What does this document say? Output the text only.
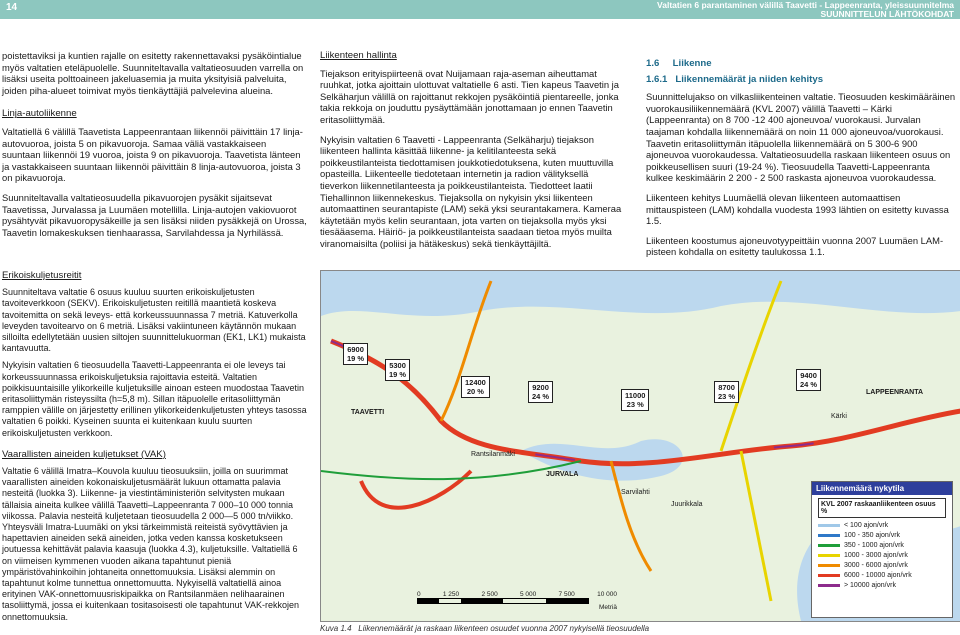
14	Valtatien 6 parantaminen välillä Taavetti - Lappeenranta, yleissuunnitelma
SUUNNITTELUN LÄHTÖKOHDAT

poistettaviksi ja kuntien rajalle on esitetty rakennettavaksi pysäköintialue myös valtatien eteläpuolelle. Suunniteltavalla valtatieosuuden varrella on lisäksi useita polttoaineen jakeluasemia ja muita yksityisiä palveluita, joiden piha-alueet toimivat myös tienkäyttäjiä palvelevina alueina.

Linja-autoliikenne

Valtatiellä 6 välillä Taavetista Lappeenrantaan liikennöi päivittäin 17 linja-autovuoroa, joista 5 on pikavuoroja. Samaa väliä vastakkaiseen suuntaan liikennöi 19 vuoroa, joista 9 on pikavuoroja. Taavetista länteen ja vastakkaiseen suuntaan liikennöi päivittäin 8 linja-autovuoroa, joista 3 on pikavuoroja.

Suunniteltavalla valtatieosuudella pikavuorojen pysäkit sijaitsevat Taavetissa, Jurvalassa ja Luumäen motellilla. Linja-autojen vakiovuorot pysähtyvät pikavuoropysäkeille ja sen lisäksi niiden pysäkkejä on Urossa, Taavetin lomakeskuksen tienhaarassa, Sarvilahdessa ja Nyrhilässä.

Liikenteen hallinta

Tiejakson erityispiirteenä ovat Nuijamaan raja-aseman aiheuttamat ruuhkat, jotka ajoittain ulottuvat valtatielle 6 asti. Tien kapeus Taavetin ja Selkäharjun välillä on rajoittanut rekkojen pysäköintiä pientareelle, jonka takia rekkoja on jouduttu pysäyttämään jonottamaan jo ennen Taavetin eritasoliittymää.

Nykyisin valtatien 6 Taavetti - Lappeenranta (Selkäharju) tiejakson liikenteen hallinta käsittää liikenne- ja kelitilanteesta sekä poikkeustilanteista tiedottamisen joukkotiedotuksena, kuten muuttuvilla opasteilla. Liikenteelle tiedotetaan internetin ja radion välityksellä tieverkon liikennetilanteesta ja poikkeustilanteista. Tiedotteet laatii Tiehallinnon liikennekeskus. Tiejaksolla on nykyisin yksi liikenteen automaattinen seurantapiste (LAM) sekä yksi seurantakamera. Kameraa käytetään myös kelin seurantaan, jota varten on tiejaksolla myös yksi tiesääasema. Häiriö- ja poikkeustilanteista saadaan tietoa myös muilta viranomaisilta (poliisi ja hätäkeskus) sekä tienkäyttäjiltä.

1.6 Liikenne
1.6.1 Liikennemäärät ja niiden kehitys

Suunnittelujakso on vilkasliikenteinen valtatie. Tieosuuden keskimääräinen vuorokausiliikennemäärä (KVL 2007) välillä Taavetti – Kärki (Lappeenranta) on 8 700 -12 400 ajoneuvoa/ vuorokausi. Jurvalan taajaman kohdalla liikennemäärä on noin 11 000 ajoneuvoa/vuorokausi. Taavetin eritasoliittymän itäpuolella liikennemäärä on 5 300-6 900 ajoneuvoa vuorokaudessa. Valtatieosuudella raskaan liikenteen osuus on poikkeusellisen suuri (19-24 %). Tieosuudella Taavetti-Lappeenranta kulkee keskimäärin 2 200 - 2 500 raskasta ajoneuvoa vuorokaudessa.

Liikenteen kehitys Luumäellä olevan liikenteen automaattisen mittauspisteen (LAM) kohdalla vuodesta 1993 lähtien on esitetty kuvassa 1.5.

Liikenteen koostumus ajoneuvotyypeittäin vuonna 2007 Luumäen LAM-pisteen kohdalla on esitetty taulukossa 1.1.

Erikoiskuljetusreitit

Suunniteltava valtatie 6 osuus kuuluu suurten erikoiskuljetusten tavoiteverkkoon (SEKV). Erikoiskuljetusten reitillä maantietä koskeva tavoitemitta on sekä leveys- että korkeussuunnassa 7 metriä. Katuverkolla leveyden tavoitearvo on 6 metriä. Lisäksi vakiintuneen käytännön mukaan silloilta edellytetään uusien siltojen suunnittelukuorman (EK1, LK1) mukaista kantavuutta.

Nykyisin valtatien 6 tieosuudella Taavetti-Lappeenranta ei ole leveys tai korkeussuunnassa erikoiskuljetuksia rajoittavia esteitä. Valtatien poikkisuuntaisille ylikorkeille kuljetuksille ainoan esteen muodostaa Taavetin eritasoliittymän risteyssilta (h=5,8 m). Sillan itäpuolelle eritasoliittymän ramppien välille on järjestetty erillinen ylikorkeidenkuljetusten yhteys tasossa valtatien 6 poikki. Kyseinen suunta ei kuitenkaan kuulu suurten erikoiskuljetusten verkkoon.

Vaarallisten aineiden kuljetukset (VAK)

Valtatie 6 välillä Imatra–Kouvola kuuluu tieosuuksiin, joilla on suurimmat vaarallisten aineiden kokonaiskuljetusmäärät lukuun ottamatta palavia nesteitä (luokka 3). Liikenne- ja viestintäministeriön selvitysten mukaan tällaisia aineita kulkee välillä Taavetti–Lappeenranta 7 000–10 000 tonnia viikossa. Palavia nesteitä kuljetetaan tieosuudella 2 000—5 000 tn/viikko. Yhteysväli Imatra-Luumäki on yksi tärkeimmistä reiteistä syövyttävien ja hapettavien aineiden sekä aineiden, jotka veden kanssa kosketukseen joutuessa kehittävät palavia kaasuja (luokka 4.3), kuljetuksille. Valtatiellä 6 on viimeisen kymmenen vuoden aikana tapahtunut pieniä ympäristövahinkoihin johtaneita onnettomuuksia. Lisäksi alemmin on tapahtunut kolme tunnettua onnettomuutta. Nykyisellä valtatiellä ainoa erityinen VAK-onnettomuusriskipaikka on Rantsilanmäen nelihaarainen tasoliittymä, jossa ei kuitenkaan tositasoisesti ole tapahtunut VAK-rekkojen onnettomuuksia.

6900
19 %
5300
19 %
12400
20 %	9200
24 %	11000
23 %
8700
23 %
9400
24 %
TAAVETTI
Rantsilanmäki
JURVALA
Sarvilahti
LAPPEENRANTA
Kärki
Juurikkala
0	1 250	2 500	5 000	7 500	10 000
Metriä
Liikennemäärä nykytila
KVL 2007 raskaanliikenteen osuus %
< 100 ajon/vrk
100 - 350 ajon/vrk
350 - 1000 ajon/vrk
1000 - 3000 ajon/vrk
3000 - 6000 ajon/vrk
6000 - 10000 ajon/vrk
> 10000 ajon/vrk
Kuva 1.4 Liikennemäärät ja raskaan liikenteen osuudet vuonna 2007 nykyisellä tieosuudella
